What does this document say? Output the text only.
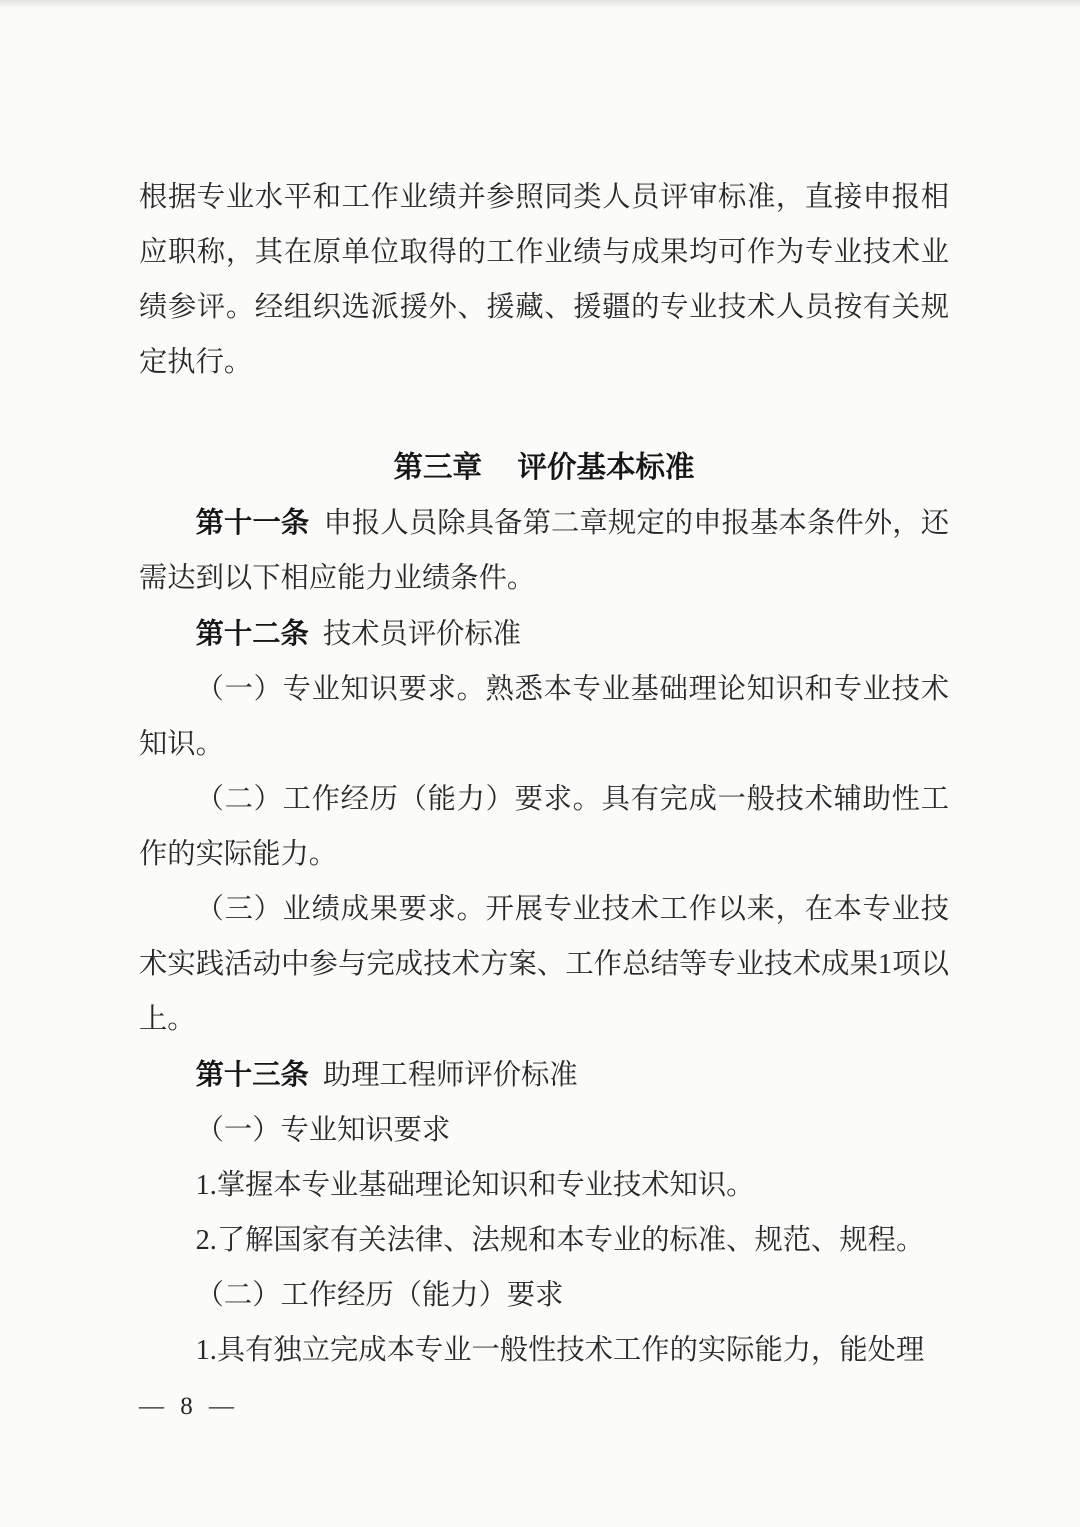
根据专业水平和工作业绩并参照同类人员评审标准，直接申报相应职称，其在原单位取得的工作业绩与成果均可作为专业技术业绩参评。经组织选派援外、援藏、援疆的专业技术人员按有关规定执行。

第三章 评价基本标准

第十一条 申报人员除具备第二章规定的申报基本条件外，还需达到以下相应能力业绩条件。

第十二条 技术员评价标准

（一）专业知识要求。熟悉本专业基础理论知识和专业技术知识。

（二）工作经历（能力）要求。具有完成一般技术辅助性工作的实际能力。

（三）业绩成果要求。开展专业技术工作以来，在本专业技术实践活动中参与完成技术方案、工作总结等专业技术成果1项以上。

第十三条 助理工程师评价标准

（一）专业知识要求

1.掌握本专业基础理论知识和专业技术知识。

2.了解国家有关法律、法规和本专业的标准、规范、规程。

（二）工作经历（能力）要求

1.具有独立完成本专业一般性技术工作的实际能力，能处理

— 8 —
